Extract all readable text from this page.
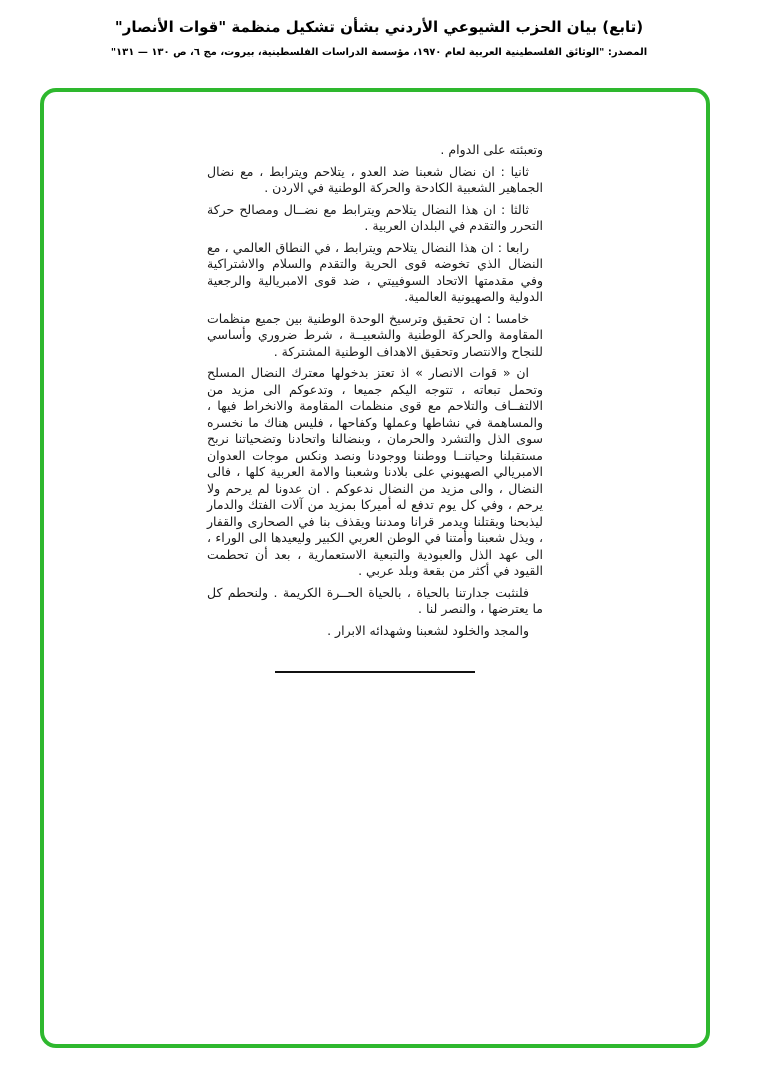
(تابع) بيان الحزب الشيوعي الأردني بشأن تشكيل منظمة "قوات الأنصار"
المصدر: "الوثائق الفلسطينية العربية لعام ١٩٧٠، مؤسسة الدراسات الفلسطينية، بيروت، مج ٦، ص ١٣٠ — ١٣١"

وتعبئته على الدوام .

ثانيا : ان نضال شعبنا ضد العدو ، يتلاحم ويترابط ، مع نضال الجماهير الشعبية الكادحة والحركة الوطنية في الاردن .

ثالثا : ان هذا النضال يتلاحم ويترابط مع نضــال ومصالح حركة التحرر والتقدم في البلدان العربية .

رابعا : ان هذا النضال يتلاحم ويترابط ، في النطاق العالمي ، مع النضال الذي تخوضه قوى الحرية والتقدم والسلام والاشتراكية وفي مقدمتها الاتحاد السوفييتي ، ضد قوى الامبريالية والرجعية الدولية والصهيونية العالمية.

خامسا : ان تحقيق وترسيخ الوحدة الوطنية بين جميع منظمات المقاومة والحركة الوطنية والشعبيــة ، شرط ضروري وأساسي للنجاح والانتصار وتحقيق الاهداف الوطنية المشتركة .

ان « قوات الانصار » اذ تعتز بدخولها معترك النضال المسلح وتحمل تبعاته ، تتوجه اليكم جميعا ، وتدعوكم الى مزيد من الالتفــاف والتلاحم مع قوى منظمات المقاومة والانخراط فيها ، والمساهمة في نشاطها وعملها وكفاحها ، فليس هناك ما نخسره سوى الذل والتشرد والحرمان ، وبنضالنا واتحادنا وتضحياتنا نربح مستقبلنا وحياتنــا ووطننا ووجودنا ونصد ونكس موجات العدوان الامبريالي الصهيوني على بلادنا وشعبنا والامة العربية كلها ، فالى النضال ، والى مزيد من النضال ندعوكم . ان عدونا لم يرحم ولا يرحم ، وفي كل يوم تدفع له أميركا بمزيد من آلات الفتك والدمار ليذبحنا ويقتلنا ويدمر قرانا ومدننا ويقذف بنا في الصحارى والقفار ، ويذل شعبنا وأمتنا في الوطن العربي الكبير وليعيدها الى الوراء ، الى عهد الذل والعبودية والتبعية الاستعمارية ، بعد أن تحطمت القيود في أكثر من بقعة وبلد عربي .

فلنثبت جدارتنا بالحياة ، بالحياة الحــرة الكريمة . ولنحطم كل ما يعترضها ، والنصر لنا .

والمجد والخلود لشعبنا وشهدائه الابرار .
